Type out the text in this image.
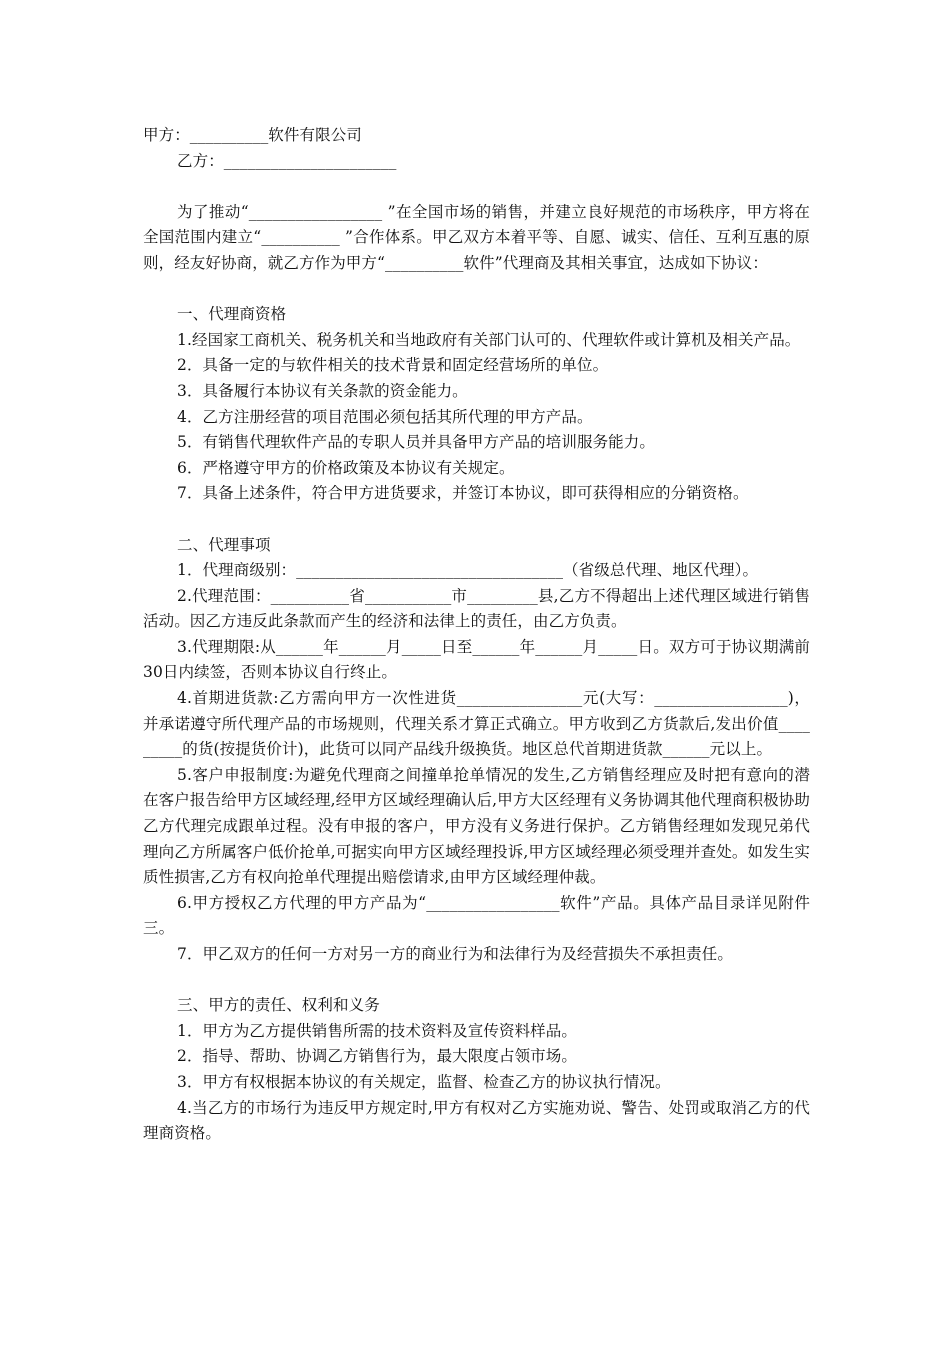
甲方：__________软件有限公司

乙方：______________________

为了推动“_________________ ”在全国市场的销售，并建立良好规范的市场秩序，甲方将在全国范围内建立“__________ ”合作体系。甲乙双方本着平等、自愿、诚实、信任、互利互惠的原则，经友好协商，就乙方作为甲方“__________软件”代理商及其相关事宜，达成如下协议：

一、代理商资格

1.经国家工商机关、税务机关和当地政府有关部门认可的、代理软件或计算机及相关产品。

2．具备一定的与软件相关的技术背景和固定经营场所的单位。

3．具备履行本协议有关条款的资金能力。

4．乙方注册经营的项目范围必须包括其所代理的甲方产品。

5．有销售代理软件产品的专职人员并具备甲方产品的培训服务能力。

6．严格遵守甲方的价格政策及本协议有关规定。

7．具备上述条件，符合甲方进货要求，并签订本协议，即可获得相应的分销资格。

二、代理事项

1．代理商级别：__________________________________（省级总代理、地区代理）。

2.代理范围：__________省___________市_________县,乙方不得超出上述代理区域进行销售活动。因乙方违反此条款而产生的经济和法律上的责任，由乙方负责。

3.代理期限:从______年______月_____日至______年______月_____日。双方可于协议期满前30日内续签，否则本协议自行终止。

4.首期进货款:乙方需向甲方一次性进货________________元(大写：_________________)，并承诺遵守所代理产品的市场规则，代理关系才算正式确立。甲方收到乙方货款后,发出价值_________的货(按提货价计)，此货可以同产品线升级换货。地区总代首期进货款______元以上。

5.客户申报制度:为避免代理商之间撞单抢单情况的发生,乙方销售经理应及时把有意向的潜在客户报告给甲方区域经理,经甲方区域经理确认后,甲方大区经理有义务协调其他代理商积极协助乙方代理完成跟单过程。没有申报的客户，甲方没有义务进行保护。乙方销售经理如发现兄弟代理向乙方所属客户低价抢单,可据实向甲方区域经理投诉,甲方区域经理必须受理并查处。如发生实质性损害,乙方有权向抢单代理提出赔偿请求,由甲方区域经理仲裁。

6.甲方授权乙方代理的甲方产品为“_________________软件”产品。具体产品目录详见附件三。

7．甲乙双方的任何一方对另一方的商业行为和法律行为及经营损失不承担责任。

三、甲方的责任、权利和义务

1．甲方为乙方提供销售所需的技术资料及宣传资料样品。

2．指导、帮助、协调乙方销售行为，最大限度占领市场。

3．甲方有权根据本协议的有关规定，监督、检查乙方的协议执行情况。

4.当乙方的市场行为违反甲方规定时,甲方有权对乙方实施劝说、警告、处罚或取消乙方的代理商资格。
